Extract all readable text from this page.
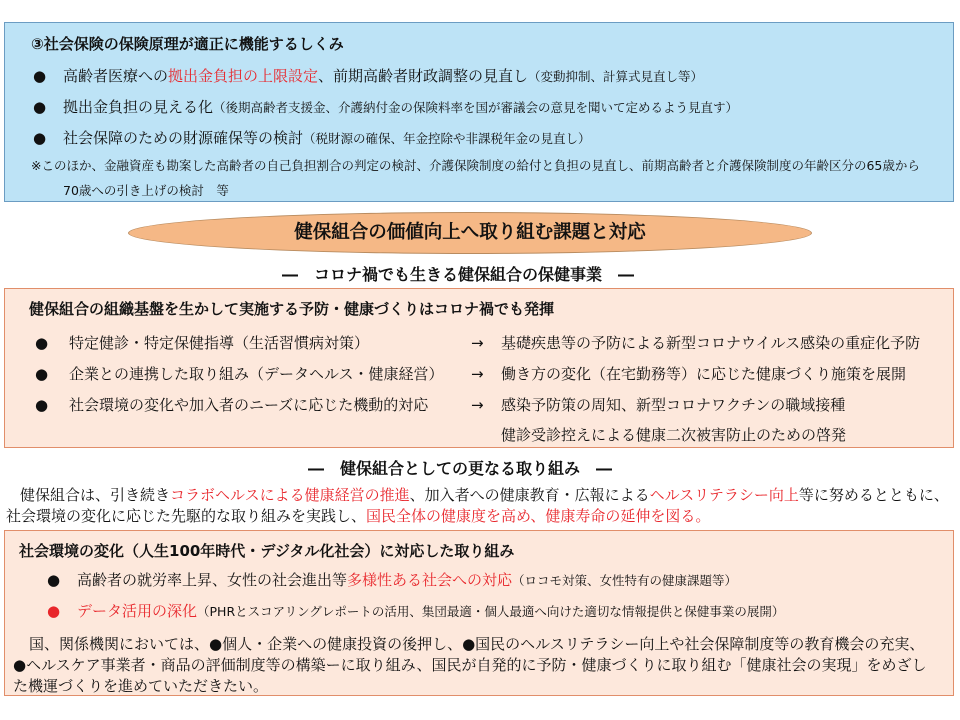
③社会保険の保険原理が適正に機能するしくみ
● 高齢者医療への拠出金負担の上限設定、前期高齢者財政調整の見直し（変動抑制、計算式見直し等）
● 拠出金負担の見える化（後期高齢者支援金、介護納付金の保険料率を国が審議会の意見を聞いて定めるよう見直す）
● 社会保障のための財源確保等の検討（税財源の確保、年金控除や非課税年金の見直し）
※このほか、金融資産も勘案した高齢者の自己負担割合の判定の検討、介護保険制度の給付と負担の見直し、前期高齢者と介護保険制度の年齢区分の65歳から
70歳への引き上げの検討　等
健保組合の価値向上へ取り組む課題と対応
―　コロナ禍でも生きる健保組合の保健事業　―
健保組合の組織基盤を生かして実施する予防・健康づくりはコロナ禍でも発揮
● 特定健診・特定保健指導（生活習慣病対策）	→ 基礎疾患等の予防による新型コロナウイルス感染の重症化予防
● 企業との連携した取り組み（データヘルス・健康経営） → 働き方の変化（在宅勤務等）に応じた健康づくり施策を展開
● 社会環境の変化や加入者のニーズに応じた機動的対応	→ 感染予防策の周知、新型コロナワクチンの職域接種
健診受診控えによる健康二次被害防止のための啓発
―　健保組合としての更なる取り組み　―
健保組合は、引き続きコラボヘルスによる健康経営の推進、加入者への健康教育・広報によるヘルスリテラシー向上等に努めるとともに、
社会環境の変化に応じた先駆的な取り組みを実践し、国民全体の健康度を高め、健康寿命の延伸を図る。
社会環境の変化（人生100年時代・デジタル化社会）に対応した取り組み
● 高齢者の就労率上昇、女性の社会進出等多様性ある社会への対応（ロコモ対策、女性特有の健康課題等）
● データ活用の深化（PHRとスコアリングレポートの活用、集団最適・個人最適へ向けた適切な情報提供と保健事業の展開）
国、関係機関においては、●個人・企業への健康投資の後押し、●国民のヘルスリテラシー向上や社会保障制度等の教育機会の充実、
●ヘルスケア事業者・商品の評価制度等の構築ーに取り組み、国民が自発的に予防・健康づくりに取り組む「健康社会の実現」をめざし
た機運づくりを進めていただきたい。
